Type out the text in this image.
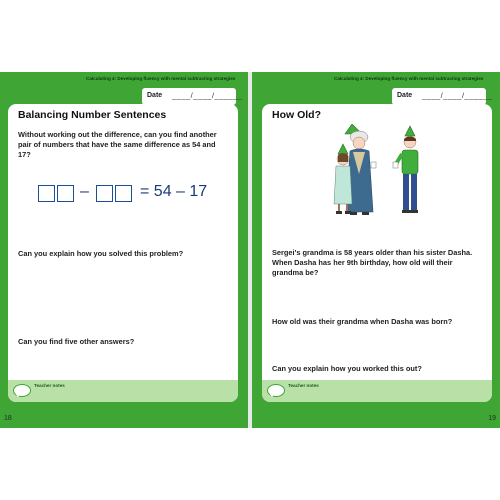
Calculating 4: Developing fluency with mental subtracting strategies
Date ____/____/______
Balancing Number Sentences

Without working out the difference, can you find another pair of numbers that have the same difference as 54 and 17?

–	= 54 – 17

Can you explain how you solved this problem?

Can you find five other answers?

Teacher notes
18
Calculating 4: Developing fluency with mental subtracting strategies
Date ____/____/______
How Old?

Sergei's grandma is 58 years older than his sister Dasha. When Dasha has her 9th birthday, how old will their grandma be?

How old was their grandma when Dasha was born?

Can you explain how you worked this out?

Teacher notes
19
